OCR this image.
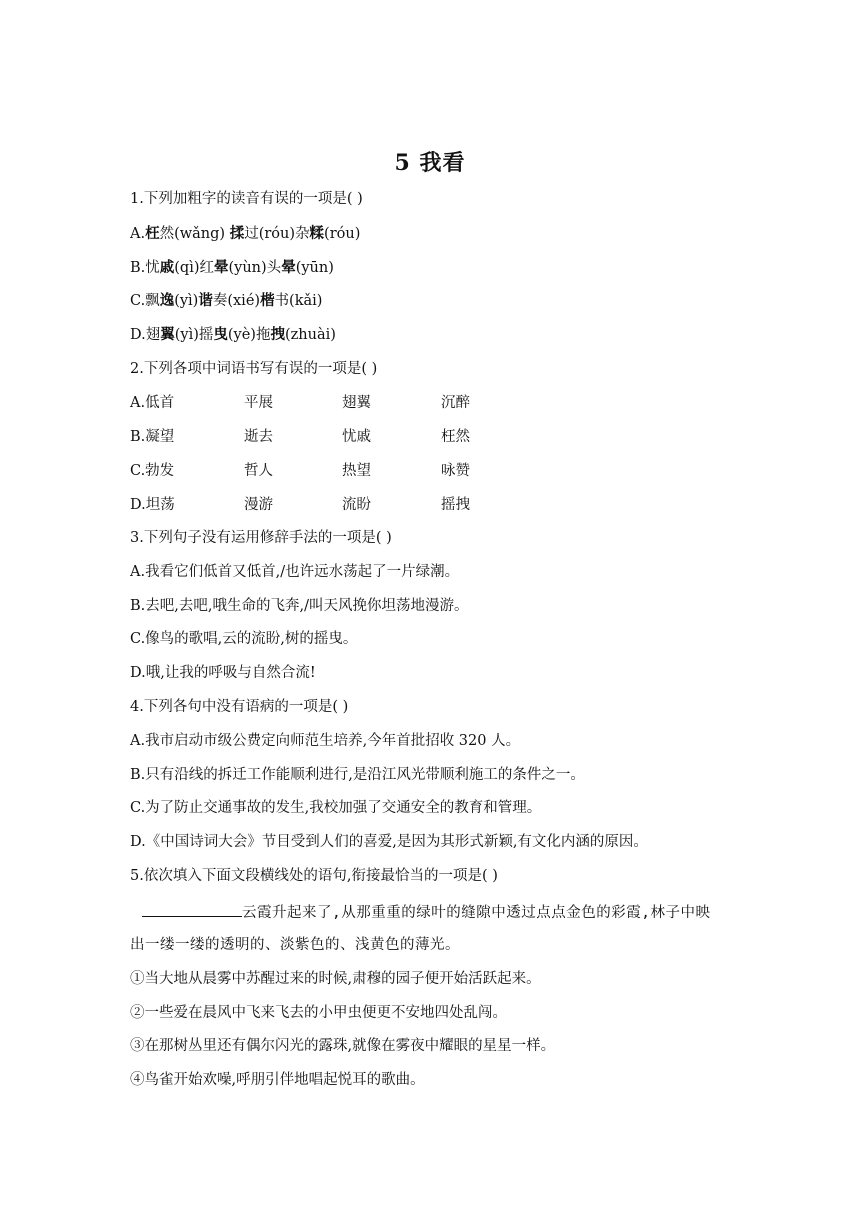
5 我看
1.下列加粗字的读音有误的一项是( )
A.枉然(wǎng) 揉过(róu)杂糅(róu)
B.忧戚(qì)红晕(yùn)头晕(yūn)
C.飘逸(yì)谐奏(xié)楷书(kǎi)
D.翅翼(yì)摇曳(yè)拖拽(zhuài)
2.下列各项中词语书写有误的一项是( )
A.低首	平展	翅翼	沉醉
B.凝望	逝去	忧戚	枉然
C.勃发	哲人	热望	咏赞
D.坦荡	漫游	流盼	摇拽
3.下列句子没有运用修辞手法的一项是( )
A.我看它们低首又低首,/也许远水荡起了一片绿潮。
B.去吧,去吧,哦生命的飞奔,/叫天风挽你坦荡地漫游。
C.像鸟的歌唱,云的流盼,树的摇曳。
D.哦,让我的呼吸与自然合流!
4.下列各句中没有语病的一项是( )
A.我市启动市级公费定向师范生培养,今年首批招收 320 人。
B.只有沿线的拆迁工作能顺利进行,是沿江风光带顺利施工的条件之一。
C.为了防止交通事故的发生,我校加强了交通安全的教育和管理。
D.《中国诗词大会》节目受到人们的喜爱,是因为其形式新颖,有文化内涵的原因。
5.依次填入下面文段横线处的语句,衔接最恰当的一项是( )
云霞升起来了,从那重重的绿叶的缝隙中透过点点金色的彩霞,林子中映
出一缕一缕的透明的、淡紫色的、浅黄色的薄光。
①当大地从晨雾中苏醒过来的时候,肃穆的园子便开始活跃起来。
②一些爱在晨风中飞来飞去的小甲虫便更不安地四处乱闯。
③在那树丛里还有偶尔闪光的露珠,就像在雾夜中耀眼的星星一样。
④鸟雀开始欢噪,呼朋引伴地唱起悦耳的歌曲。
